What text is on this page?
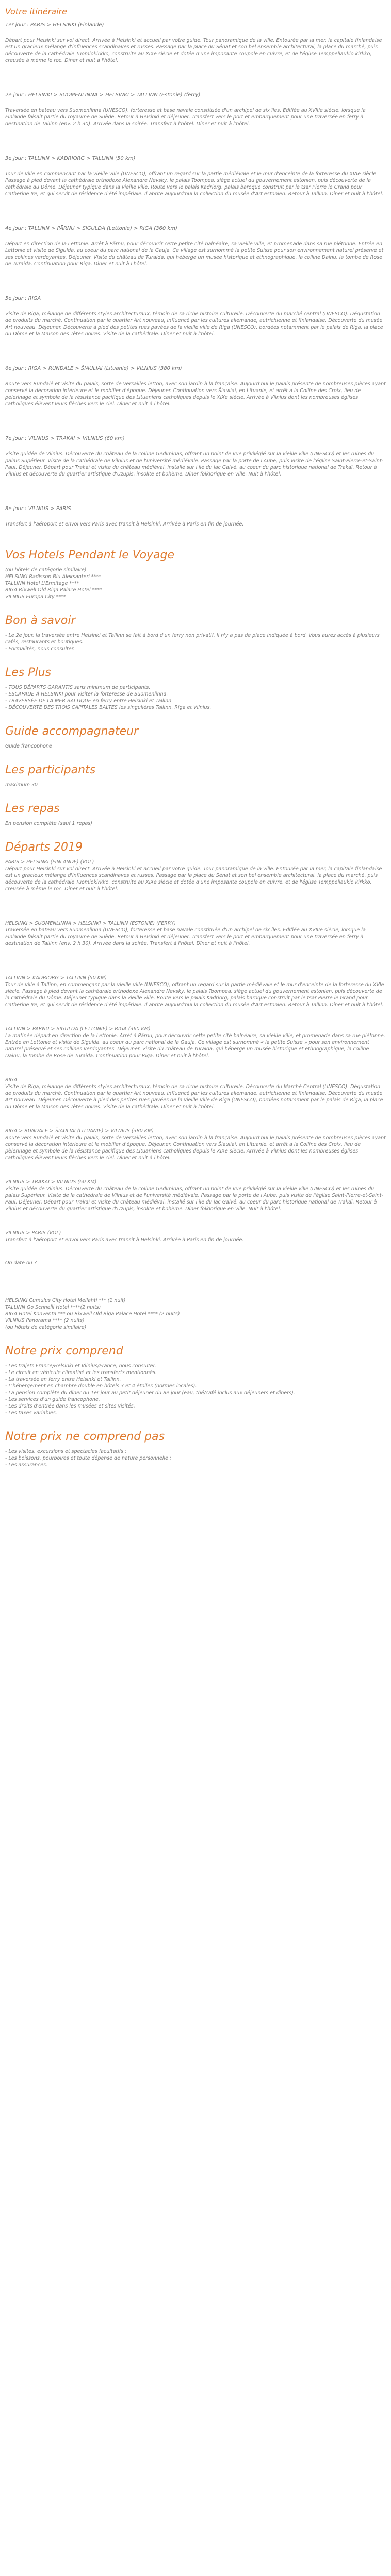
Votre itinéraire

1er jour : PARIS > HELSINKI (Finlande)

Départ pour Helsinki sur vol direct. Arrivée à Helsinki et accueil par votre guide. Tour panoramique de la ville. Entourée par la mer, la capitale finlandaise est un gracieux mélange d'influences scandinaves et russes. Passage par la place du Sénat et son bel ensemble architectural, la place du marché, puis découverte de la cathédrale Tuomiokirkko, construite au XIXe siècle et dotée d'une imposante coupole en cuivre, et de l'église Temppeliaukio kirkko, creusée à même le roc. Dîner et nuit à l'hôtel.

2e jour : HELSINKI > SUOMENLINNA > HELSINKI > TALLINN (Estonie) (ferry)

Traversée en bateau vers Suomenlinna (UNESCO), forteresse et base navale constituée d'un archipel de six îles. Edifiée au XVIIIe siècle, lorsque la Finlande faisait partie du royaume de Suède. Retour à Helsinki et déjeuner. Transfert vers le port et embarquement pour une traversée en ferry à destination de Tallinn (env. 2 h 30). Arrivée dans la soirée. Transfert à l'hôtel. Dîner et nuit à l'hôtel.

3e jour : TALLINN > KADRIORG > TALLINN (50 km)

Tour de ville en commençant par la vieille ville (UNESCO), offrant un regard sur la partie médiévale et le mur d'enceinte de la forteresse du XVIe siècle. Passage à pied devant la cathédrale orthodoxe Alexandre Nevsky, le palais Toompea, siège actuel du gouvernement estonien, puis découverte de la cathédrale du Dôme. Déjeuner typique dans la vieille ville. Route vers le palais Kadriorg, palais baroque construit par le tsar Pierre le Grand pour Catherine Ire, et qui servit de résidence d'été impériale. Il abrite aujourd'hui la collection du musée d'Art estonien. Retour à Tallinn. Dîner et nuit à l'hôtel.

4e jour : TALLINN > PÄRNU > SIGULDA (Lettonie) > RIGA (360 km)

Départ en direction de la Lettonie. Arrêt à Pärnu, pour découvrir cette petite cité balnéaire, sa vieille ville, et promenade dans sa rue piétonne. Entrée en Lettonie et visite de Sigulda, au coeur du parc national de la Gauja. Ce village est surnommé la petite Suisse pour son environnement naturel préservé et ses collines verdoyantes. Déjeuner. Visite du château de Turaida, qui héberge un musée historique et ethnographique, la colline Dainu, la tombe de Rose de Turaida. Continuation pour Riga. Dîner et nuit à l'hôtel.

5e jour : RIGA

Visite de Riga, mélange de différents styles architecturaux, témoin de sa riche histoire culturelle. Découverte du marché central (UNESCO). Dégustation de produits du marché. Continuation par le quartier Art nouveau, influencé par les cultures allemande, autrichienne et finlandaise. Découverte du musée Art nouveau. Déjeuner. Découverte à pied des petites rues pavées de la vieille ville de Riga (UNESCO), bordées notamment par le palais de Riga, la place du Dôme et la Maison des Têtes noires. Visite de la cathédrale. Dîner et nuit à l'hôtel.

6e jour : RIGA > RUNDALE > ŠIAULIAI (Lituanie) > VILNIUS (380 km)

Route vers Rundalé et visite du palais, sorte de Versailles letton, avec son jardin à la française. Aujourd'hui le palais présente de nombreuses pièces ayant conservé la décoration intérieure et le mobilier d'époque. Déjeuner. Continuation vers Šiauliai, en Lituanie, et arrêt à la Colline des Croix, lieu de pèlerinage et symbole de la résistance pacifique des Lituaniens catholiques depuis le XIXe siècle. Arrivée à Vilnius dont les nombreuses églises catholiques élèvent leurs flèches vers le ciel. Dîner et nuit à l'hôtel.

7e jour : VILNIUS > TRAKAI > VILNIUS (60 km)

Visite guidée de Vilnius. Découverte du château de la colline Gediminas, offrant un point de vue privilégié sur la vieille ville (UNESCO) et les ruines du palais Supérieur. Visite de la cathédrale de Vilnius et de l'université médiévale. Passage par la porte de l'Aube, puis visite de l'église Saint-Pierre-et-Saint-Paul. Déjeuner. Départ pour Trakaï et visite du château médiéval, installé sur l'île du lac Galvé, au coeur du parc historique national de Trakaï. Retour à Vilnius et découverte du quartier artistique d'Uzupis, insolite et bohème. Dîner folklorique en ville. Nuit à l'hôtel.

8e jour : VILNIUS > PARIS

Transfert à l'aéroport et envol vers Paris avec transit à Helsinki. Arrivée à Paris en fin de journée.

Vos Hotels Pendant le Voyage

(ou hôtels de catégorie similaire)

HELSINKI Radisson Blu Aleksanteri ****

TALLINN Hotel L'Ermitage ****

RIGA Rixwell Old Riga Palace Hotel ****

VILNIUS Europa City ****

Bon à savoir

- Le 2e jour, la traversée entre Helsinki et Tallinn se fait à bord d'un ferry non privatif. Il n'y a pas de place indiquée à bord. Vous aurez accès à plusieurs cafés, restaurants et boutiques.

- Formalités, nous consulter.

Les Plus

- TOUS DÉPARTS GARANTIS sans minimum de participants.

- ESCAPADE À HELSINKI pour visiter la forteresse de Suomenlinna.

- TRAVERSÉE DE LA MER BALTIQUE en ferry entre Helsinki et Tallinn.

- DÉCOUVERTE DES TROIS CAPITALES BALTES les singulières Tallinn, Riga et Vilnius.

Guide accompagnateur

Guide francophone

Les participants

maximum 30

Les repas

En pension complète (sauf 1 repas)

Départs 2019

PARIS > HELSINKI (FINLANDE) (VOL)

Départ pour Helsinki sur vol direct. Arrivée à Helsinki et accueil par votre guide. Tour panoramique de la ville. Entourée par la mer, la capitale finlandaise est un gracieux mélange d'influences scandinaves et russes. Passage par la place du Sénat et son bel ensemble architectural, la place du marché, puis découverte de la cathédrale Tuomiokirkko, construite au XIXe siècle et dotée d'une imposante coupole en cuivre, et de l'église Temppeliaukio kirkko, creusée à même le roc. Dîner et nuit à l'hôtel.

HELSINKI > SUOMENLINNA > HELSINKI > TALLINN (ESTONIE) (FERRY)

Traversée en bateau vers Suomenlinna (UNESCO), forteresse et base navale constituée d'un archipel de six îles. Edifiée au XVIIIe siècle, lorsque la Finlande faisait partie du royaume de Suède. Retour à Helsinki et déjeuner. Transfert vers le port et embarquement pour une traversée en ferry à destination de Tallinn (env. 2 h 30). Arrivée dans la soirée. Transfert à l'hôtel. Dîner et nuit à l'hôtel.

TALLINN > KADRIORG > TALLINN (50 KM)

Tour de ville à Tallinn, en commençant par la vieille ville (UNESCO), offrant un regard sur la partie médiévale et le mur d'enceinte de la forteresse du XVIe siècle. Passage à pied devant la cathédrale orthodoxe Alexandre Nevsky, le palais Toompea, siège actuel du gouvernement estonien, puis découverte de la cathédrale du Dôme. Déjeuner typique dans la vieille ville. Route vers le palais Kadriorg, palais baroque construit par le tsar Pierre le Grand pour Catherine Ire, et qui servit de résidence d'été impériale. Il abrite aujourd'hui la collection du musée d'Art estonien. Retour à Tallinn. Dîner et nuit à l'hôtel.

TALLINN > PÄRNU > SIGULDA (LETTONIE) > RIGA (360 KM)

La matinée départ en direction de la Lettonie. Arrêt à Pärnu, pour découvrir cette petite cité balnéaire, sa vieille ville, et promenade dans sa rue piétonne. Entrée en Lettonie et visite de Sigulda, au coeur du parc national de la Gauja. Ce village est surnommé « la petite Suisse » pour son environnement naturel préservé et ses collines verdoyantes. Déjeuner. Visite du château de Turaida, qui héberge un musée historique et ethnographique, la colline Dainu, la tombe de Rose de Turaida. Continuation pour Riga. Dîner et nuit à l'hôtel.

RIGA

Visite de Riga, mélange de différents styles architecturaux, témoin de sa riche histoire culturelle. Découverte du Marché Central (UNESCO). Dégustation de produits du marché. Continuation par le quartier Art nouveau, influencé par les cultures allemande, autrichienne et finlandaise. Découverte du musée Art nouveau. Déjeuner. Découverte à pied des petites rues pavées de la vieille ville de Riga (UNESCO), bordées notamment par le palais de Riga, la place du Dôme et la Maison des Têtes noires. Visite de la cathédrale. Dîner et nuit à l'hôtel.

RIGA > RUNDALE > ŠIAULIAI (LITUANIE) > VILNIUS (380 KM)

Route vers Rundalé et visite du palais, sorte de Versailles letton, avec son jardin à la française. Aujourd'hui le palais présente de nombreuses pièces ayant conservé la décoration intérieure et le mobilier d'époque. Déjeuner. Continuation vers Šiauliai, en Lituanie, et arrêt à la Colline des Croix, lieu de pèlerinage et symbole de la résistance pacifique des Lituaniens catholiques depuis le XIXe siècle. Arrivée à Vilnius dont les nombreuses églises catholiques élèvent leurs flèches vers le ciel. Dîner et nuit à l'hôtel.

VILNIUS > TRAKAI > VILNIUS (60 KM)

Visite guidée de Vilnius. Découverte du château de la colline Gediminas, offrant un point de vue privilégié sur la vieille ville (UNESCO) et les ruines du palais Supérieur. Visite de la cathédrale de Vilnius et de l'université médiévale. Passage par la porte de l'Aube, puis visite de l'église Saint-Pierre-et-Saint-Paul. Déjeuner. Départ pour Trakaï et visite du château médiéval, installé sur l'île du lac Galvé, au coeur du parc historique national de Trakaï. Retour à Vilnius et découverte du quartier artistique d'Uzupis, insolite et bohème. Dîner folklorique en ville. Nuit à l'hôtel.

VILNIUS > PARIS (VOL)

Transfert à l'aéroport et envol vers Paris avec transit à Helsinki. Arrivée à Paris en fin de journée.

On date ou ?

HELSINKI Cumulus City Hotel Meilahti *** (1 nuit)

TALLINN Go Schnelli Hotel ****(2 nuits)

RIGA Hotel Konventa *** ou Rixwell Old Riga Palace Hotel **** (2 nuits)

VILNIUS Panorama **** (2 nuits)

(ou hôtels de catégorie similaire)

Notre prix comprend

- Les trajets France/Helsinki et Vilnius/France, nous consulter.

- Le circuit en véhicule climatisé et les transferts mentionnés.

- La traversée en ferry entre Helsinki et Tallinn.

- L'hébergement en chambre double en hôtels 3 et 4 étoiles (normes locales).

- La pension complète du dîner du 1er jour au petit déjeuner du 8e jour (eau, thé/café inclus aux déjeuners et dîners).

- Les services d'un guide francophone.

- Les droits d'entrée dans les musées et sites visités.

- Les taxes variables.

Notre prix ne comprend pas

- Les visites, excursions et spectacles facultatifs ;

- Les boissons, pourboires et toute dépense de nature personnelle ;

- Les assurances.
